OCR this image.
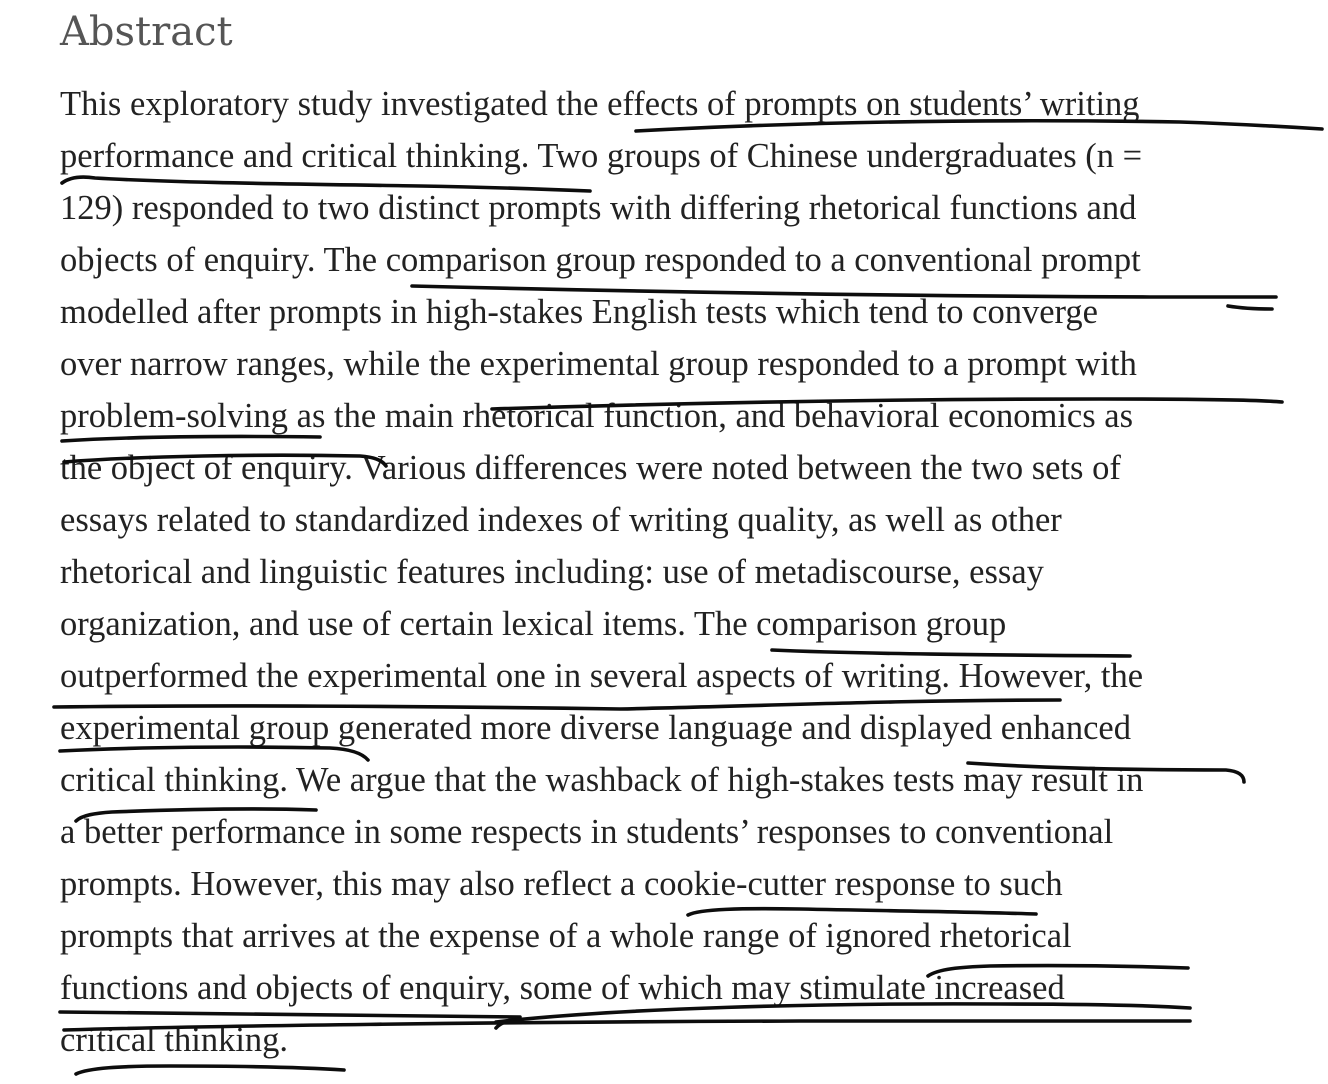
Abstract
This exploratory study investigated the effects of prompts on students’ writing
performance and critical thinking. Two groups of Chinese undergraduates (n =
129) responded to two distinct prompts with differing rhetorical functions and
objects of enquiry. The comparison group responded to a conventional prompt
modelled after prompts in high-stakes English tests which tend to converge
over narrow ranges, while the experimental group responded to a prompt with
problem-solving as the main rhetorical function, and behavioral economics as
the object of enquiry. Various differences were noted between the two sets of
essays related to standardized indexes of writing quality, as well as other
rhetorical and linguistic features including: use of metadiscourse, essay
organization, and use of certain lexical items. The comparison group
outperformed the experimental one in several aspects of writing. However, the
experimental group generated more diverse language and displayed enhanced
critical thinking. We argue that the washback of high-stakes tests may result in
a better performance in some respects in students’ responses to conventional
prompts. However, this may also reflect a cookie-cutter response to such
prompts that arrives at the expense of a whole range of ignored rhetorical
functions and objects of enquiry, some of which may stimulate increased
critical thinking.
